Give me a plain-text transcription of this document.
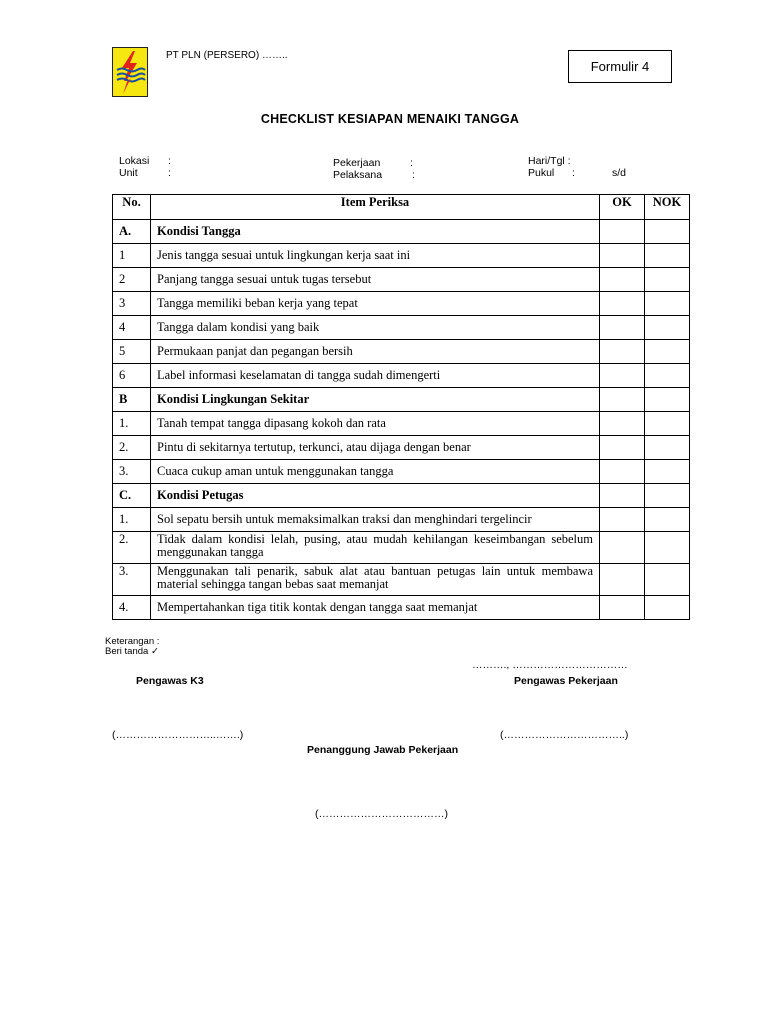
PT PLN (PERSERO) ……..
Formulir 4
CHECKLIST KESIAPAN MENAIKI TANGGA
Lokasi :
Unit	:
Pekerjaan	:
Pelaksana	:
Hari/Tgl :
Pukul :	s/d
No.	Item Periksa	OK	NOK
A.	Kondisi Tangga		
1	Jenis tangga sesuai untuk lingkungan kerja saat ini		
2	Panjang tangga sesuai untuk tugas tersebut		
3	Tangga memiliki beban kerja yang tepat		
4	Tangga dalam kondisi yang baik		
5	Permukaan panjat dan pegangan bersih		
6	Label informasi keselamatan di tangga sudah dimengerti		
B	Kondisi Lingkungan Sekitar		
1.	Tanah tempat tangga dipasang kokoh dan rata		
2.	Pintu di sekitarnya tertutup, terkunci, atau dijaga dengan benar		
3.	Cuaca cukup aman untuk menggunakan tangga		
C.	Kondisi Petugas		
1.	Sol sepatu bersih untuk memaksimalkan traksi dan menghindari tergelincir		
2.	Tidak dalam kondisi lelah, pusing, atau mudah kehilangan keseimbangan sebelum menggunakan tangga		
3.	Menggunakan tali penarik, sabuk alat atau bantuan petugas lain untuk membawa material sehingga tangan bebas saat memanjat		
4.	Mempertahankan tiga titik kontak dengan tangga saat memanjat		
Keterangan :
Beri tanda ✓
………., ……………………………
Pengawas K3	Pengawas Pekerjaan
(………………………..…….)	(……………………………..)
Penanggung Jawab Pekerjaan
(………………………………)
